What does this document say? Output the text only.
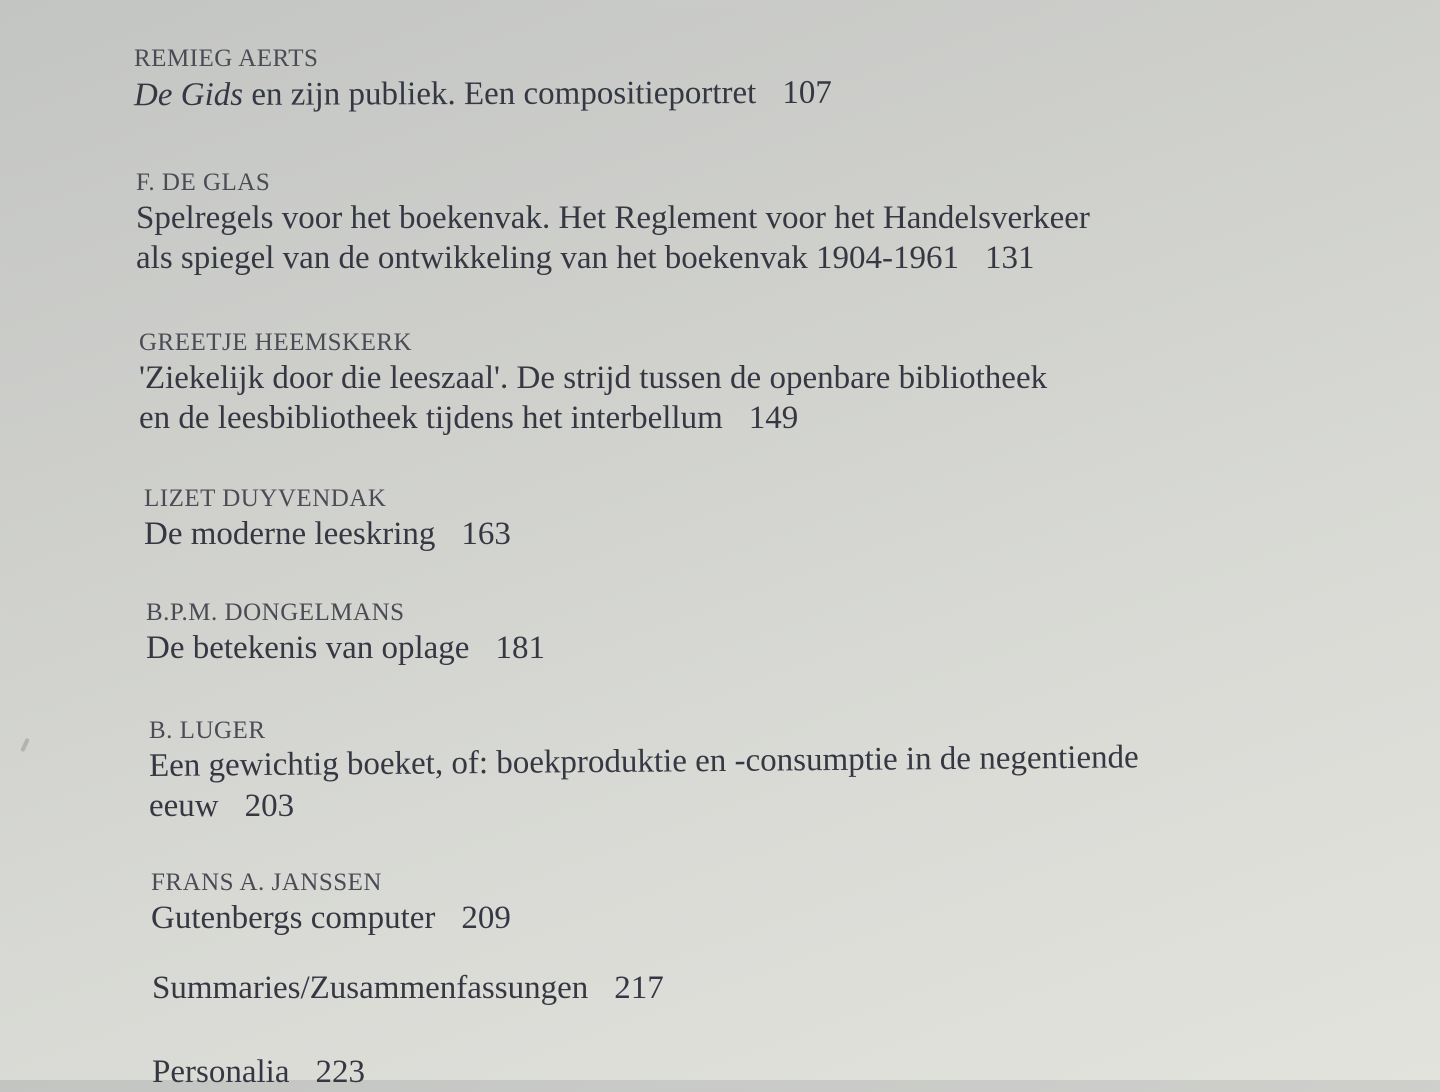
REMIEG AERTS
De Gids en zijn publiek. Een compositieportret 107
F. DE GLAS
Spelregels voor het boekenvak. Het Reglement voor het Handelsverkeer
als spiegel van de ontwikkeling van het boekenvak 1904-1961 131
GREETJE HEEMSKERK
'Ziekelijk door die leeszaal'. De strijd tussen de openbare bibliotheek
en de leesbibliotheek tijdens het interbellum 149
LIZET DUYVENDAK
De moderne leeskring 163
B.P.M. DONGELMANS
De betekenis van oplage 181
B. LUGER
Een gewichtig boeket, of: boekproduktie en -consumptie in de negentiende
eeuw 203
FRANS A. JANSSEN
Gutenbergs computer 209
Summaries/Zusammenfassungen 217
Personalia 223
